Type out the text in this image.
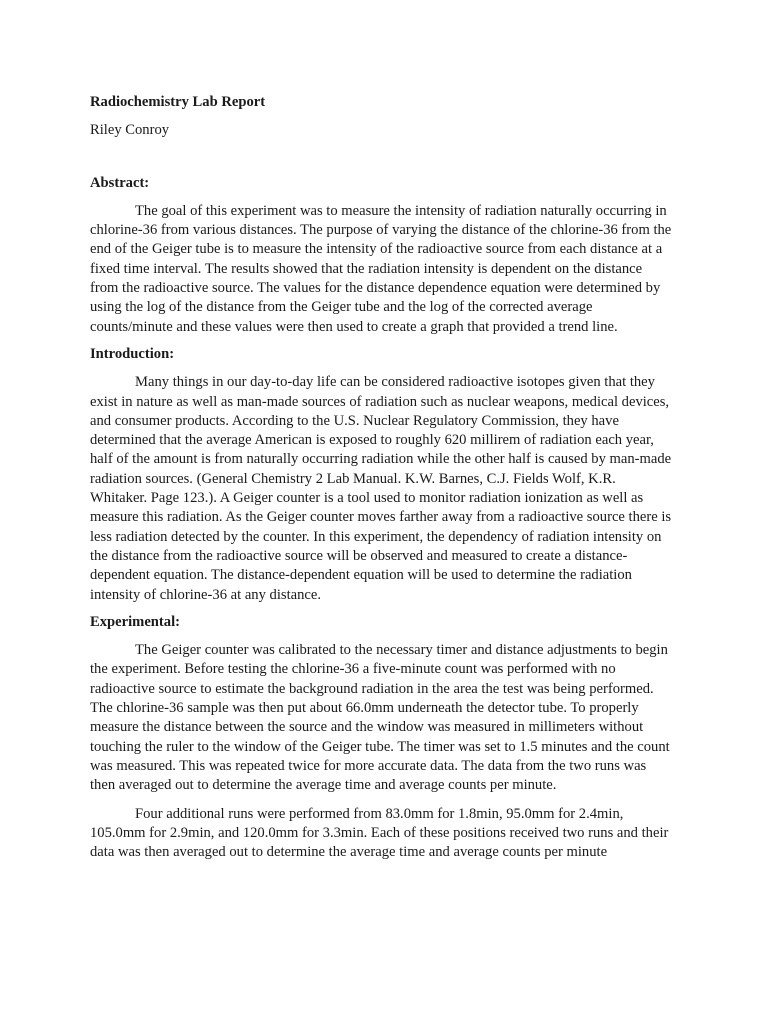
Radiochemistry Lab Report

Riley Conroy

Abstract:

The goal of this experiment was to measure the intensity of radiation naturally occurring in chlorine-36 from various distances. The purpose of varying the distance of the chlorine-36 from the end of the Geiger tube is to measure the intensity of the radioactive source from each distance at a fixed time interval. The results showed that the radiation intensity is dependent on the distance from the radioactive source. The values for the distance dependence equation were determined by using the log of the distance from the Geiger tube and the log of the corrected average counts/minute and these values were then used to create a graph that provided a trend line.

Introduction:

Many things in our day-to-day life can be considered radioactive isotopes given that they exist in nature as well as man-made sources of radiation such as nuclear weapons, medical devices, and consumer products. According to the U.S. Nuclear Regulatory Commission, they have determined that the average American is exposed to roughly 620 millirem of radiation each year, half of the amount is from naturally occurring radiation while the other half is caused by man-made radiation sources. (General Chemistry 2 Lab Manual. K.W. Barnes, C.J. Fields Wolf, K.R. Whitaker. Page 123.). A Geiger counter is a tool used to monitor radiation ionization as well as measure this radiation. As the Geiger counter moves farther away from a radioactive source there is less radiation detected by the counter. In this experiment, the dependency of radiation intensity on the distance from the radioactive source will be observed and measured to create a distance-dependent equation. The distance-dependent equation will be used to determine the radiation intensity of chlorine-36 at any distance.

Experimental:

The Geiger counter was calibrated to the necessary timer and distance adjustments to begin the experiment. Before testing the chlorine-36 a five-minute count was performed with no radioactive source to estimate the background radiation in the area the test was being performed. The chlorine-36 sample was then put about 66.0mm underneath the detector tube. To properly measure the distance between the source and the window was measured in millimeters without touching the ruler to the window of the Geiger tube. The timer was set to 1.5 minutes and the count was measured. This was repeated twice for more accurate data. The data from the two runs was then averaged out to determine the average time and average counts per minute.

Four additional runs were performed from 83.0mm for 1.8min, 95.0mm for 2.4min, 105.0mm for 2.9min, and 120.0mm for 3.3min. Each of these positions received two runs and their data was then averaged out to determine the average time and average counts per minute
